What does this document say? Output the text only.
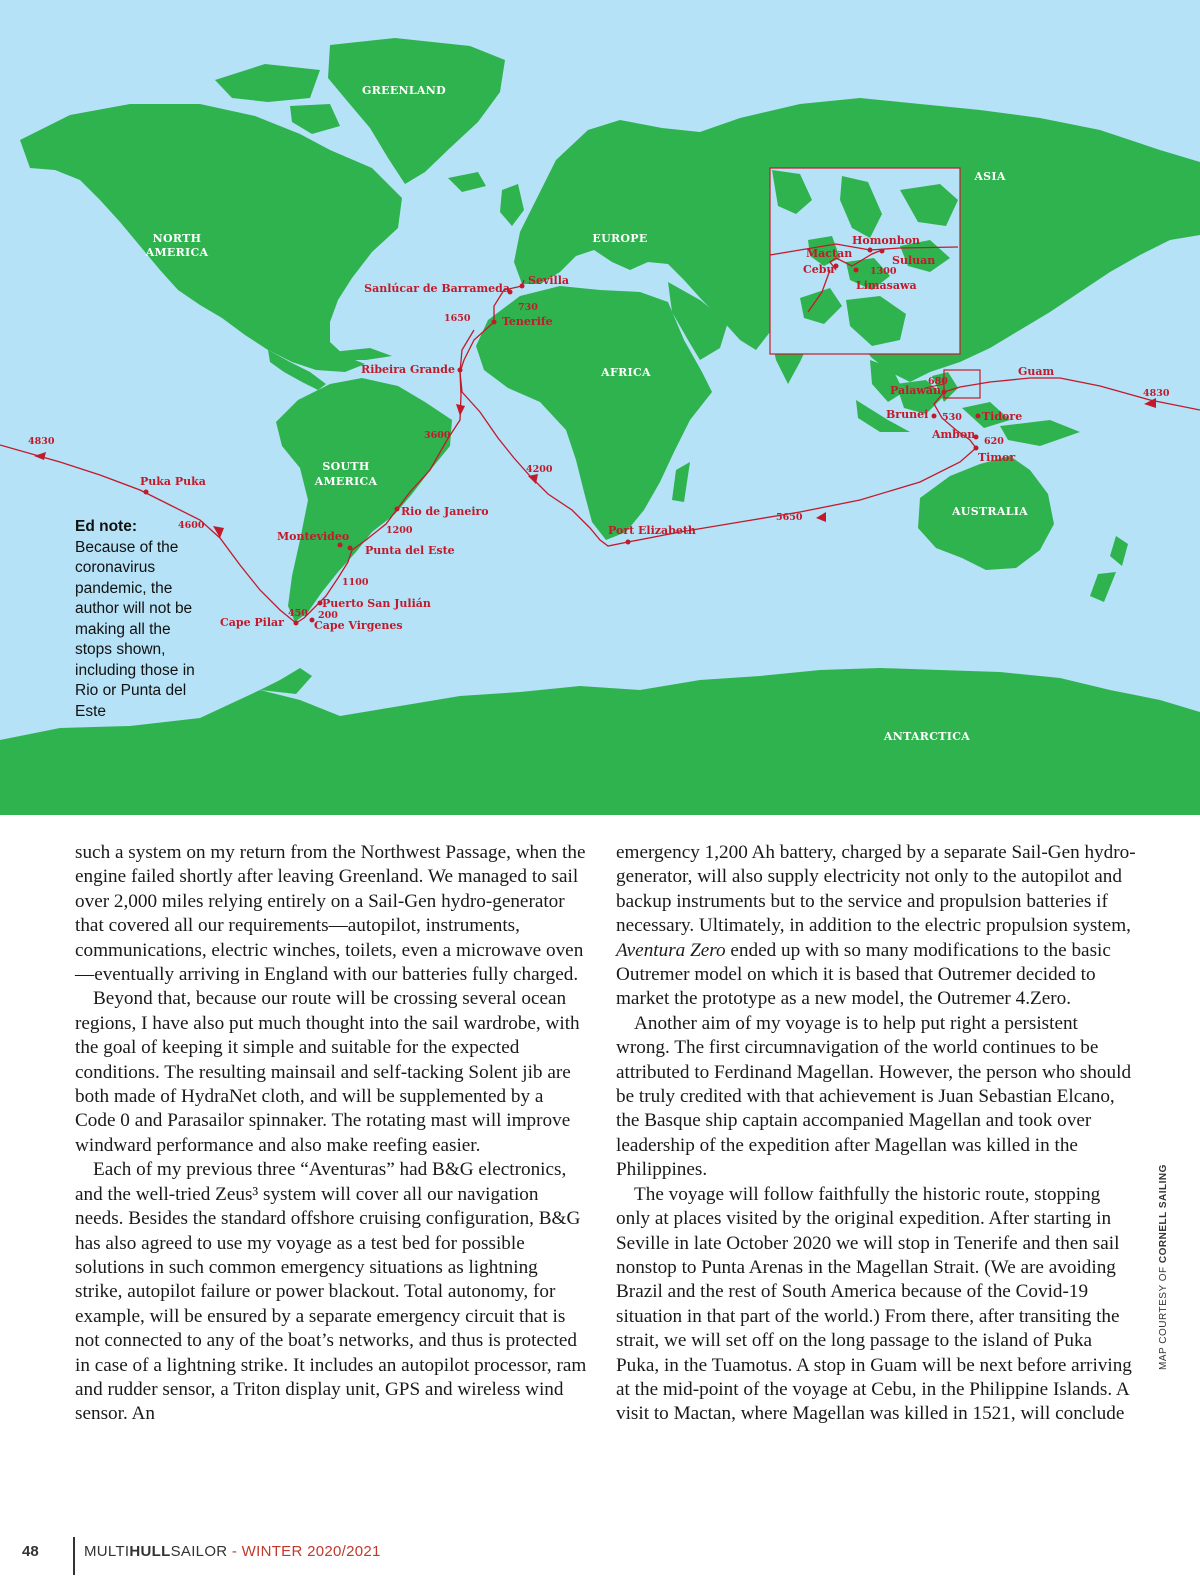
GREENLAND
NORTH
AMERICA
EUROPE
ASIA
AFRICA
SOUTH
AMERICA
AUSTRALIA
ANTARCTICA
Sanlúcar de Barrameda
Sevilla
Tenerife
Ribeira Grande
Rio de Janeiro
Montevideo
Punta del Este
Puerto San Julián
Cape Virgenes
Cape Pilar
Puka Puka
Port Elizabeth
Guam
Palawan
Brunei	Tidore
Ambon
Timor
Homonhon
Mactan
Cebu
Suluan
Limasawa
1650
730
3600
1200
1100
450 200
4600
4830
4830
4200
5650
680
530
620
1300
Ed note:
Because of the coronavirus pandemic, the author will not be making all the stops shown, including those in Rio or Punta del Este

such a system on my return from the Northwest Passage, when the engine failed shortly after leaving Greenland. We managed to sail over 2,000 miles relying entirely on a Sail-Gen hydro-generator that covered all our requirements—autopilot, instruments, communications, electric winches, toilets, even a microwave oven—eventually arriving in England with our batteries fully charged.

Beyond that, because our route will be crossing several ocean regions, I have also put much thought into the sail wardrobe, with the goal of keeping it simple and suitable for the expected conditions. The resulting mainsail and self-tacking Solent jib are both made of HydraNet cloth, and will be supplemented by a Code 0 and Parasailor spinnaker. The rotating mast will improve windward performance and also make reefing easier.

Each of my previous three “Aventuras” had B&G electronics, and the well-tried Zeus³ system will cover all our navigation needs. Besides the standard offshore cruising configuration, B&G has also agreed to use my voyage as a test bed for possible solutions in such common emergency situations as lightning strike, autopilot failure or power blackout. Total autonomy, for example, will be ensured by a separate emergency circuit that is not connected to any of the boat’s networks, and thus is protected in case of a lightning strike. It includes an autopilot processor, ram and rudder sensor, a Triton display unit, GPS and wireless wind sensor. An

emergency 1,200 Ah battery, charged by a separate Sail-Gen hydro-generator, will also supply electricity not only to the autopilot and backup instruments but to the service and propulsion batteries if necessary. Ultimately, in addition to the electric propulsion system, Aventura Zero ended up with so many modifications to the basic Outremer model on which it is based that Outremer decided to market the prototype as a new model, the Outremer 4.Zero.

Another aim of my voyage is to help put right a persistent wrong. The first circumnavigation of the world continues to be attributed to Ferdinand Magellan. However, the person who should be truly credited with that achievement is Juan Sebastian Elcano, the Basque ship captain accompanied Magellan and took over leadership of the expedition after Magellan was killed in the Philippines.

The voyage will follow faithfully the historic route, stopping only at places visited by the original expedition. After starting in Seville in late October 2020 we will stop in Tenerife and then sail nonstop to Punta Arenas in the Magellan Strait. (We are avoiding Brazil and the rest of South America because of the Covid-19 situation in that part of the world.) From there, after transiting the strait, we will set off on the long passage to the island of Puka Puka, in the Tuamotus. A stop in Guam will be next before arriving at the mid-point of the voyage at Cebu, in the Philippine Islands. A visit to Mactan, where Magellan was killed in 1521, will conclude

MAP COURTESY OF CORNELL SAILING
48	MULTIHULLSAILOR - WINTER 2020/2021
